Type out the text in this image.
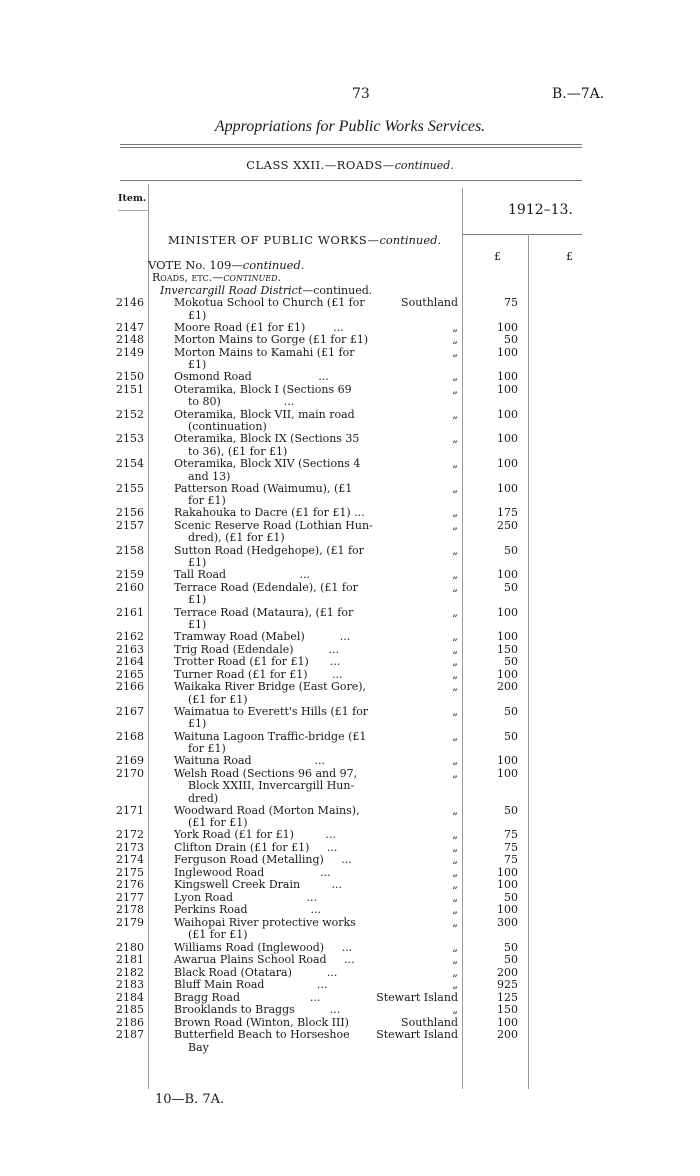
73	B.—7A.
Appropriations for Public Works Services.
CLASS XXII.—ROADS—continued.
Item.
1912–13.
MINISTER OF PUBLIC WORKS—continued.
£	£
VOTE No. 109—continued.
Roads, etc.—continued.
Invercargill Road District—continued.
2146	Mokotua School to Church (£1 for
£1)
Southland	75
2147	Moore Road (£1 for £1)        ...	„	100
2148	Morton Mains to Gorge (£1 for £1)	„	50
2149	Morton Mains to Kamahi (£1 for
£1)
„	100
2150	Osmond Road                   ...	„	100
2151	Oteramika, Block I (Sections 69
to 80)                  ...
„	100
2152	Oteramika, Block VII, main road
(continuation)
„	100
2153	Oteramika, Block IX (Sections 35
to 36), (£1 for £1)
„	100
2154	Oteramika, Block XIV (Sections 4
and 13)
„	100
2155	Patterson Road (Waimumu), (£1
for £1)
„	100
2156	Rakahouka to Dacre (£1 for £1) ...	„	175
2157	Scenic Reserve Road (Lothian Hun-
dred), (£1 for £1)
„	250
2158	Sutton Road (Hedgehope), (£1 for
£1)
„	50
2159	Tall Road                     ...	„	100
2160	Terrace Road (Edendale), (£1 for
£1)
„	50
2161	Terrace Road (Mataura), (£1 for
£1)
„	100
2162	Tramway Road (Mabel)          ...	„	100
2163	Trig Road (Edendale)          ...	„	150
2164	Trotter Road (£1 for £1)      ...	„	50
2165	Turner Road (£1 for £1)       ...	„	100
2166	Waikaka River Bridge (East Gore),
(£1 for £1)
„	200
2167	Waimatua to Everett's Hills (£1 for
£1)
„	50
2168	Waituna Lagoon Traffic-bridge (£1
for £1)
„	50
2169	Waituna Road                  ...	„	100
2170	Welsh Road (Sections 96 and 97,
Block XXIII, Invercargill Hun-
dred)
„	100
2171	Woodward Road (Morton Mains),
(£1 for £1)
„	50
2172	York Road (£1 for £1)         ...	„	75
2173	Clifton Drain (£1 for £1)     ...	„	75
2174	Ferguson Road (Metalling)     ...	„	75
2175	Inglewood Road                ...	„	100
2176	Kingswell Creek Drain         ...	„	100
2177	Lyon Road                     ...	„	50
2178	Perkins Road                  ...	„	100
2179	Waihopai River protective works
(£1 for £1)
„	300
2180	Williams Road (Inglewood)     ...	„	50
2181	Awarua Plains School Road     ...	„	50
2182	Black Road (Otatara)          ...	„	200
2183	Bluff Main Road               ...	„	925
2184	Bragg Road                    ...	Stewart Island	125
2185	Brooklands to Braggs          ...	„	150
2186	Brown Road (Winton, Block III)	Southland	100
2187	Butterfield Beach to Horseshoe
Bay
Stewart Island	200
10—B. 7A.
